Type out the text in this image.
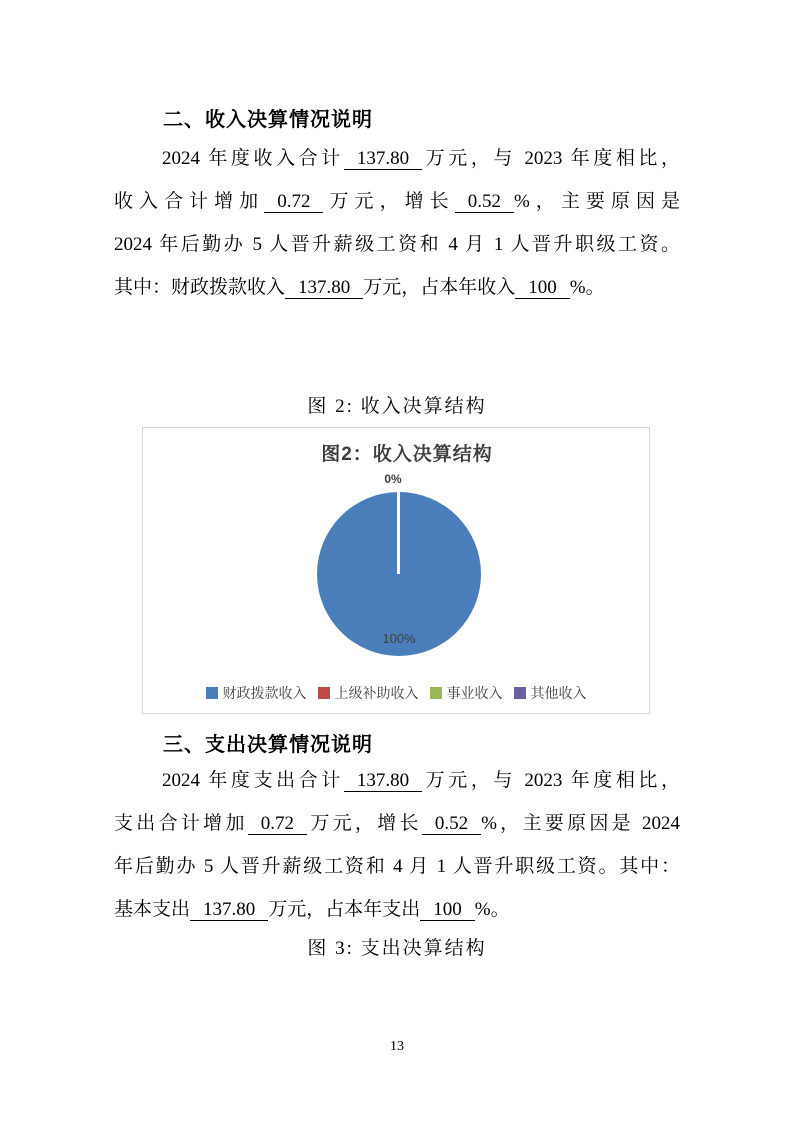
二、收入决算情况说明
2024 年度收入合计 137.80 万元，与 2023 年度相比，
收入合计增加 0.72 万元，增长 0.52 %，主要原因是
2024 年后勤办 5 人晋升薪级工资和 4 月 1 人晋升职级工资。
其中：财政拨款收入 137.80 万元，占本年收入 100 %。
图 2: 收入决算结构
图2：收入决算结构
0%
100%
财政拨款收入 上级补助收入 事业收入 其他收入
三、支出决算情况说明
2024 年度支出合计 137.80 万元，与 2023 年度相比，
支出合计增加 0.72 万元，增长 0.52 %，主要原因是 2024
年后勤办 5 人晋升薪级工资和 4 月 1 人晋升职级工资。其中：
基本支出 137.80 万元，占本年支出 100 %。
图 3: 支出决算结构
13
